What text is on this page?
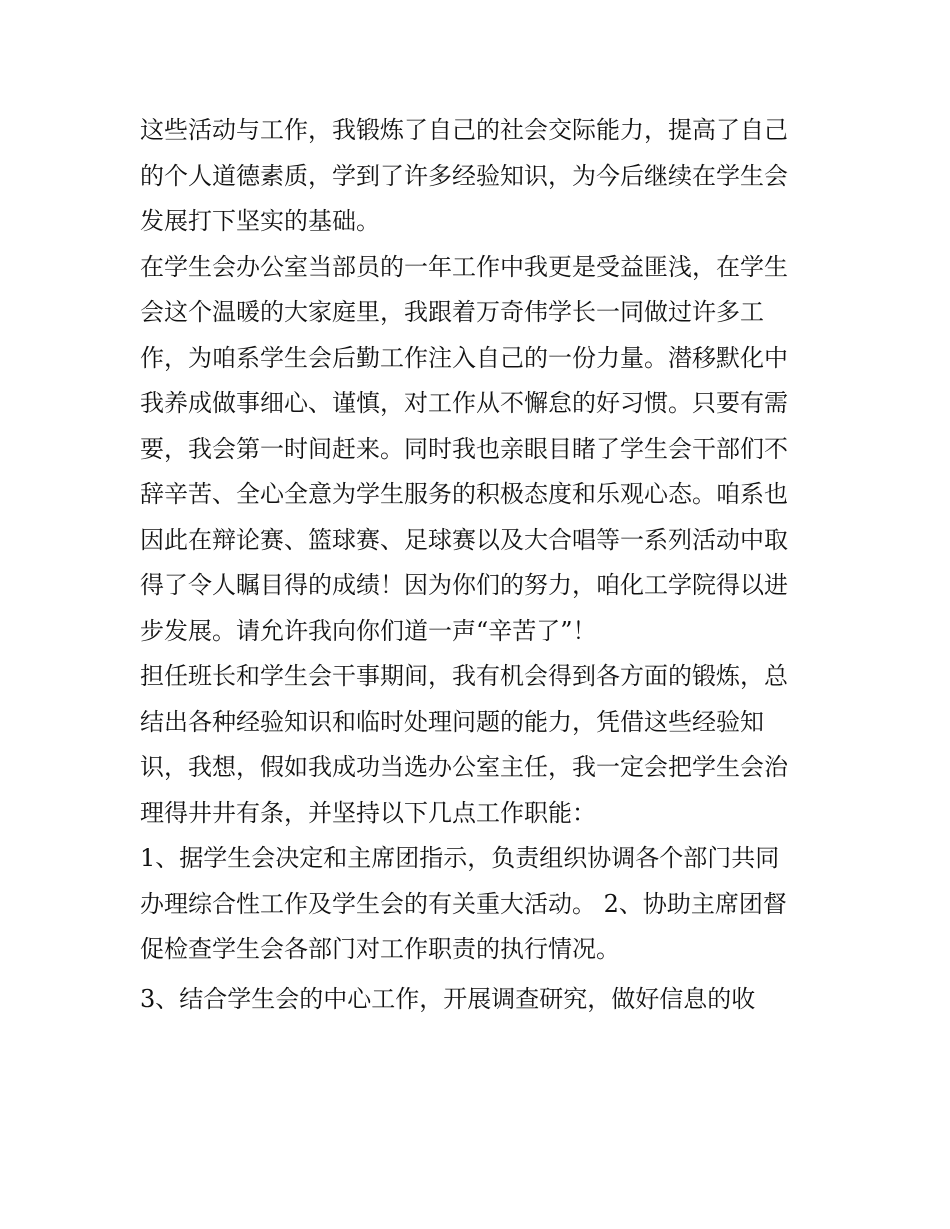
这些活动与工作，我锻炼了自己的社会交际能力，提高了自己
的个人道德素质，学到了许多经验知识，为今后继续在学生会
发展打下坚实的基础。
在学生会办公室当部员的一年工作中我更是受益匪浅，在学生
会这个温暖的大家庭里，我跟着万奇伟学长一同做过许多工
作，为咱系学生会后勤工作注入自己的一份力量。潜移默化中
我养成做事细心、谨慎，对工作从不懈怠的好习惯。只要有需
要，我会第一时间赶来。同时我也亲眼目睹了学生会干部们不
辞辛苦、全心全意为学生服务的积极态度和乐观心态。咱系也
因此在辩论赛、篮球赛、足球赛以及大合唱等一系列活动中取
得了令人瞩目得的成绩！因为你们的努力，咱化工学院得以进
步发展。请允许我向你们道一声“辛苦了”！
担任班长和学生会干事期间，我有机会得到各方面的锻炼，总
结出各种经验知识和临时处理问题的能力，凭借这些经验知
识，我想，假如我成功当选办公室主任，我一定会把学生会治
理得井井有条，并坚持以下几点工作职能：
1、据学生会决定和主席团指示，负责组织协调各个部门共同
办理综合性工作及学生会的有关重大活动。 2、协助主席团督
促检查学生会各部门对工作职责的执行情况。
3、结合学生会的中心工作，开展调查研究，做好信息的收
